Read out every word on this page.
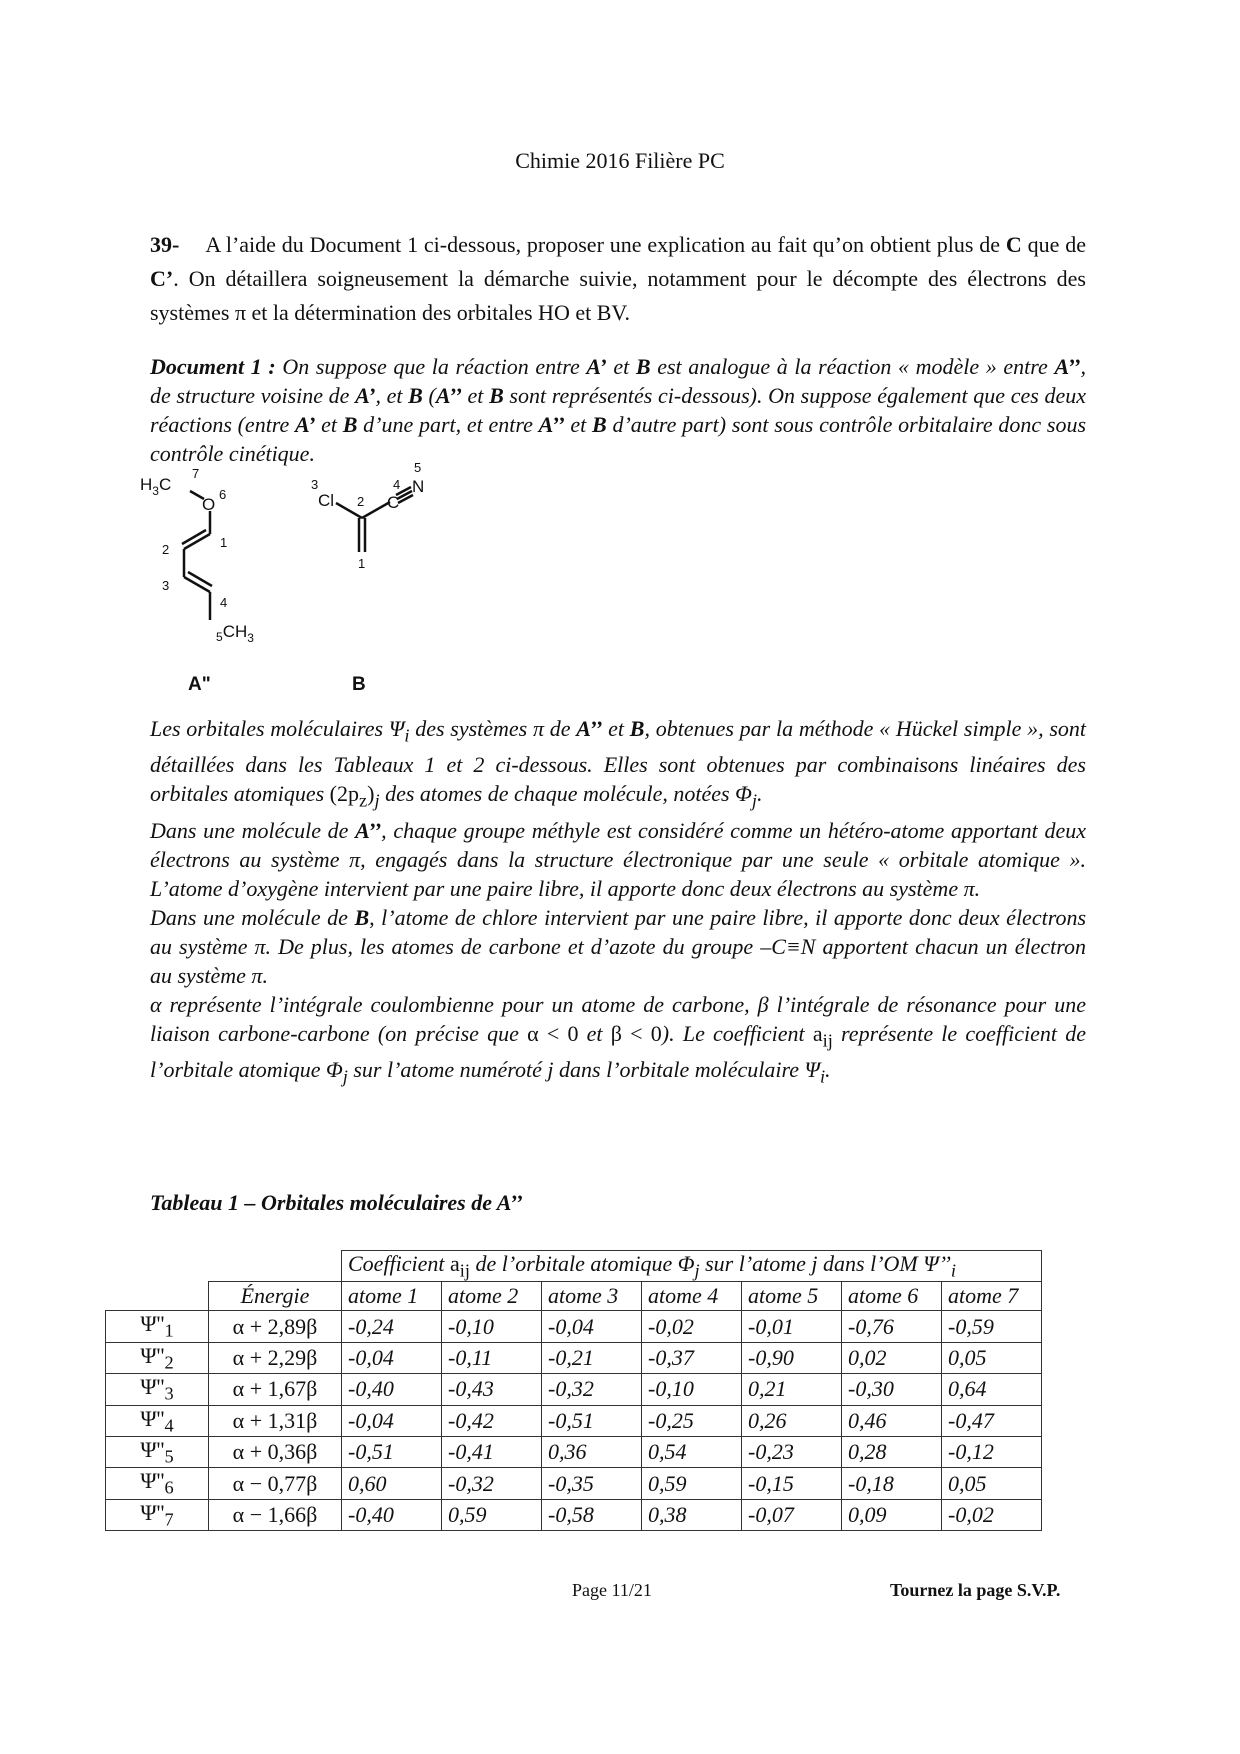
Chimie 2016 Filière PC
39- A l’aide du Document 1 ci-dessous, proposer une explication au fait qu’on obtient plus de C que de C’. On détaillera soigneusement la démarche suivie, notamment pour le décompte des électrons des systèmes π et la détermination des orbitales HO et BV.
Document 1 : On suppose que la réaction entre A’ et B est analogue à la réaction « modèle » entre A’’, de structure voisine de A’, et B (A’’ et B sont représentés ci-dessous). On suppose également que ces deux réactions (entre A’ et B d’une part, et entre A’’ et B d’autre part) sont sous contrôle orbitalaire donc sous contrôle cinétique.
$H_3C$
O
$_5CH_3$
1
2
3
4
6
7
A"
Cl	C
N
1
2
3	4
5
B

Les orbitales moléculaires $\Psi_i$ des systèmes π de A’’ et B, obtenues par la méthode « Hückel simple », sont détaillées dans les Tableaux 1 et 2 ci-dessous. Elles sont obtenues par combinaisons linéaires des orbitales atomiques $(2p_z)_j$ des atomes de chaque molécule, notées $\Phi_j$.

Dans une molécule de A’’, chaque groupe méthyle est considéré comme un hétéro-atome apportant deux électrons au système π, engagés dans la structure électronique par une seule « orbitale atomique ». L’atome d’oxygène intervient par une paire libre, il apporte donc deux électrons au système π.

Dans une molécule de B, l’atome de chlore intervient par une paire libre, il apporte donc deux électrons au système π. De plus, les atomes de carbone et d’azote du groupe –C≡N apportent chacun un électron au système π.

α représente l’intégrale coulombienne pour un atome de carbone, β l’intégrale de résonance pour une liaison carbone-carbone (on précise que α < 0 et β < 0). Le coefficient $a_{ij}$ représente le coefficient de l’orbitale atomique $\Phi_j$ sur l’atome numéroté j dans l’orbitale moléculaire $\Psi_i$.

Tableau 1 – Orbitales moléculaires de A’’
		Coefficient $a_{ij}$ de l’orbitale atomique $\Phi_j$ sur l’atome j dans l’OM $\Psi’’_i$
	Énergie	atome 1	atome 2	atome 3	atome 4	atome 5	atome 6	atome 7
$\Psi''_1$	α + 2,89β	-0,24	-0,10	-0,04	-0,02	-0,01	-0,76	-0,59
$\Psi''_2$	α + 2,29β	-0,04	-0,11	-0,21	-0,37	-0,90	0,02	0,05
$\Psi''_3$	α + 1,67β	-0,40	-0,43	-0,32	-0,10	0,21	-0,30	0,64
$\Psi''_4$	α + 1,31β	-0,04	-0,42	-0,51	-0,25	0,26	0,46	-0,47
$\Psi''_5$	α + 0,36β	-0,51	-0,41	0,36	0,54	-0,23	0,28	-0,12
$\Psi''_6$	α − 0,77β	0,60	-0,32	-0,35	0,59	-0,15	-0,18	0,05
$\Psi''_7$	α − 1,66β	-0,40	0,59	-0,58	0,38	-0,07	0,09	-0,02
Page 11/21	Tournez la page S.V.P.
